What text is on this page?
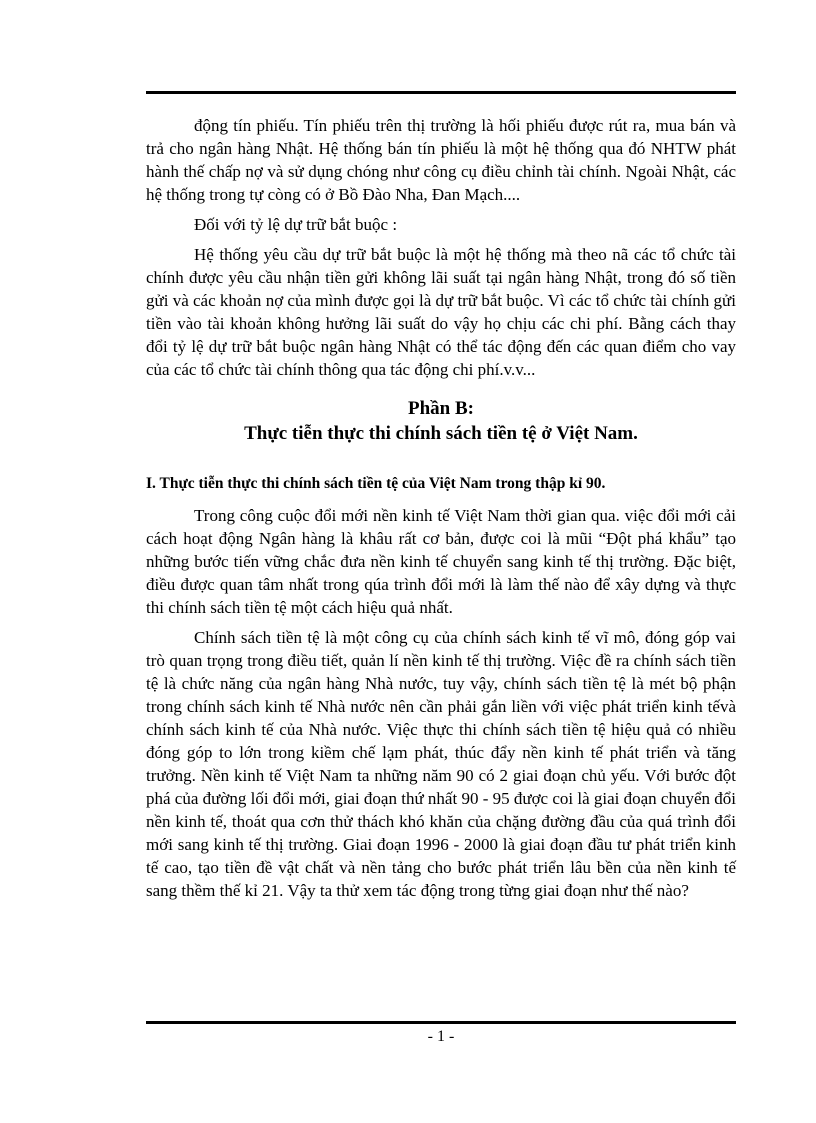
động tín phiếu. Tín phiếu trên thị trường là hối phiếu được rút ra, mua bán và trả cho ngân hàng Nhật. Hệ thống bán tín phiếu là một hệ thống qua đó NHTW phát hành thế chấp nợ và sử dụng chóng như công cụ điều chỉnh tài chính. Ngoài Nhật, các hệ thống trong tự còng có ở Bồ Đào Nha, Đan Mạch....

Đối với tỷ lệ dự trữ bắt buộc :

Hệ thống yêu cầu dự trữ bắt buộc là một hệ thống mà theo nã các tổ chức tài chính được yêu cầu nhận tiền gửi không lãi suất tại ngân hàng Nhật, trong đó số tiền gửi và các khoản nợ của mình được gọi là dự trữ bắt buộc. Vì các tổ chức tài chính gửi tiền vào tài khoản không hưởng lãi suất do vậy họ chịu các chi phí. Bằng cách thay đổi tỷ lệ dự trữ bắt buộc ngân hàng Nhật có thể tác động đến các quan điểm cho vay của các tổ chức tài chính thông qua tác động chi phí.v.v...

Phần B:
Thực tiễn thực thi chính sách tiền tệ ở Việt Nam.
I. Thực tiễn thực thi chính sách tiền tệ của Việt Nam trong thập kỉ 90.

Trong công cuộc đổi mới nền kinh tế Việt Nam thời gian qua. việc đổi mới cải cách hoạt động Ngân hàng là khâu rất cơ bản, được coi là mũi “Đột phá khẩu” tạo những bước tiến vững chắc đưa nền kinh tế chuyển sang kinh tế thị trường. Đặc biệt, điều được quan tâm nhất trong qúa trình đổi mới là làm thế nào để xây dựng và thực thi chính sách tiền tệ một cách hiệu quả nhất.

Chính sách tiền tệ là một công cụ của chính sách kinh tế vĩ mô, đóng góp vai trò quan trọng trong điều tiết, quản lí nền kinh tế thị trường. Việc đề ra chính sách tiền tệ là chức năng của ngân hàng Nhà nước, tuy vậy, chính sách tiền tệ là mét bộ phận trong chính sách kinh tế Nhà nước nên cần phải gắn liền với việc phát triển kinh tếvà chính sách kinh tế của Nhà nước. Việc thực thi chính sách tiền tệ hiệu quả có nhiều đóng góp to lớn trong kiềm chế lạm phát, thúc đẩy nền kinh tế phát triển và tăng trưởng. Nền kinh tế Việt Nam ta những năm 90 có 2 giai đoạn chủ yếu. Với bước đột phá của đường lối đổi mới, giai đoạn thứ nhất 90 - 95 được coi là giai đoạn chuyển đổi nền kinh tế, thoát qua cơn thử thách khó khăn của chặng đường đầu của quá trình đổi mới sang kinh tế thị trường. Giai đoạn 1996 - 2000 là giai đoạn đầu tư phát triển kinh tế cao, tạo tiền đề vật chất và nền tảng cho bước phát triển lâu bền của nền kinh tế sang thềm thế kỉ 21. Vậy ta thử xem tác động trong từng giai đoạn như thế nào?

- 1 -
